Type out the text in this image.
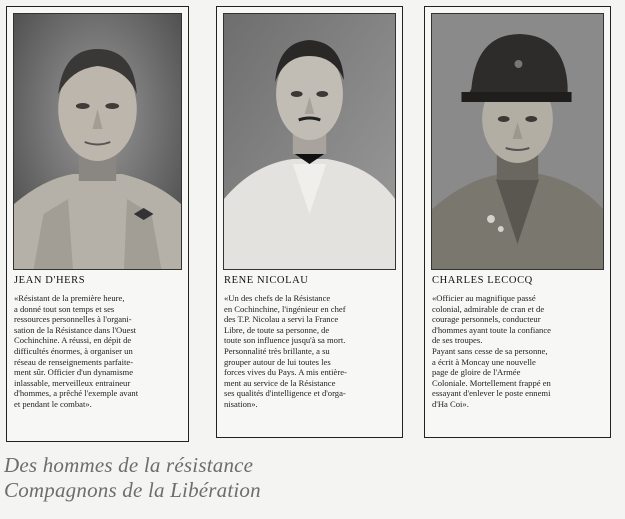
JEAN D'HERS
«Résistant de la première heure,
a donné tout son temps et ses
ressources personnelles à l'organi-
sation de la Résistance dans l'Ouest
Cochinchine. A réussi, en dépit de
difficultés énormes, à organiser un
réseau de renseignements parfaite-
ment sûr. Officier d'un dynamisme
inlassable, merveilleux entraineur
d'hommes, a prêché l'exemple avant
et pendant le combat».
RENE NICOLAU
«Un des chefs de la Résistance
en Cochinchine, l'ingénieur en chef
des T.P. Nicolau a servi la France
Libre, de toute sa personne, de
toute son influence jusqu'à sa mort.
Personnalité très brillante, a su
grouper autour de lui toutes les
forces vives du Pays. A mis entière-
ment au service de la Résistance
ses qualités d'intelligence et d'orga-
nisation».
CHARLES LECOCQ
«Officier au magnifique passé
colonial, admirable de cran et de
courage personnels, conducteur
d'hommes ayant toute la confiance
de ses troupes.
Payant sans cesse de sa personne,
a écrit à Moncay une nouvelle
page de gloire de l'Armée
Coloniale. Mortellement frappé en
essayant d'enlever le poste ennemi
d'Ha Coi».
Des hommes de la résistance
Compagnons de la Libération
